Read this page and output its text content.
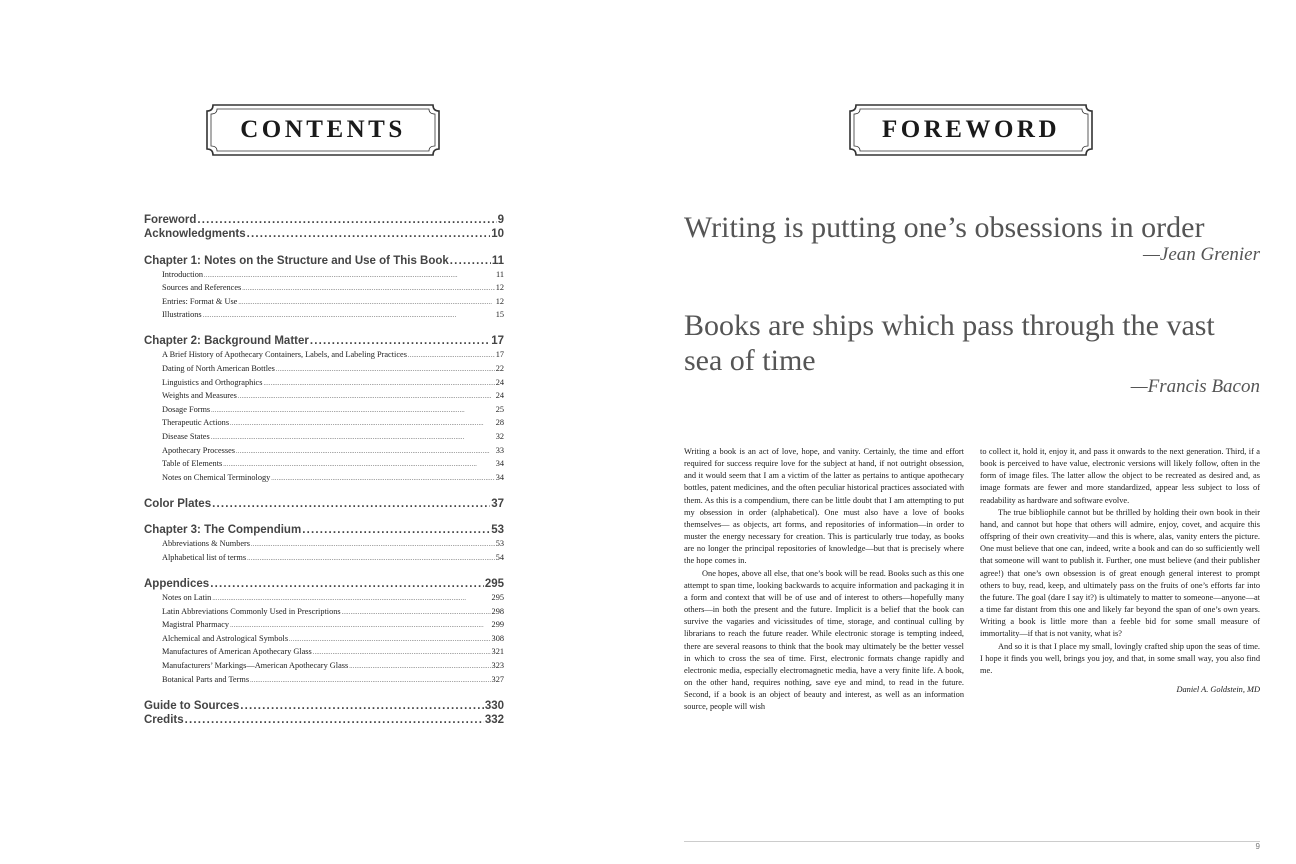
CONTENTS
Foreword . . .	9
Acknowledgments . . .	10
Chapter 1: Notes on the Structure and Use of This Book . . .	11
Introduction . . .	11
Sources and References . . .	12
Entries: Format & Use . . .	12
Illustrations . . .	15
Chapter 2: Background Matter . . .	17
A Brief History of Apothecary Containers, Labels, and Labeling Practices . . .	17
Dating of North American Bottles . . .	22
Linguistics and Orthographics . . .	24
Weights and Measures . . .	24
Dosage Forms . . .	25
Therapeutic Actions . . .	28
Disease States . . .	32
Apothecary Processes . . .	33
Table of Elements . . .	34
Notes on Chemical Terminology . . .	34
Color Plates . . .	37
Chapter 3: The Compendium . . .	53
Abbreviations & Numbers . . .	53
Alphabetical list of terms . . .	54
Appendices . . .	295
Notes on Latin . . .	295
Latin Abbreviations Commonly Used in Prescriptions . . .	298
Magistral Pharmacy . . .	299
Alchemical and Astrological Symbols . . .	308
Manufactures of American Apothecary Glass . . .	321
Manufacturers’ Markings—American Apothecary Glass . . .	323
Botanical Parts and Terms . . .	327
Guide to Sources . . .	330
Credits . . .	332
FOREWORD
Writing is putting one’s obsessions in order
—Jean Grenier
Books are ships which pass through the vast sea of time
—Francis Bacon

Writing a book is an act of love, hope, and vanity. Certainly, the time and effort required for success require love for the subject at hand, if not outright obsession, and it would seem that I am a victim of the latter as pertains to antique apothecary bottles, patent medicines, and the often peculiar historical practices associated with them. As this is a compendium, there can be little doubt that I am attempting to put my obsession in order (alphabetical). One must also have a love of books themselves— as objects, art forms, and repositories of information—in order to muster the energy necessary for creation. This is particularly true today, as books are no longer the principal repositories of knowledge—but that is precisely where the hope comes in.

One hopes, above all else, that one’s book will be read. Books such as this one attempt to span time, looking backwards to acquire information and packaging it in a form and context that will be of use and of interest to others—hopefully many others—in both the present and the future. Implicit is a belief that the book can survive the vagaries and vicissitudes of time, storage, and continual culling by librarians to reach the future reader. While electronic storage is tempting indeed, there are several reasons to think that the book may ultimately be the better vessel in which to cross the sea of time. First, electronic formats change rapidly and electronic media, especially electromagnetic media, have a very finite life. A book, on the other hand, requires nothing, save eye and mind, to read in the future. Second, if a book is an object of beauty and interest, as well as an information source, people will wish

to collect it, hold it, enjoy it, and pass it onwards to the next generation. Third, if a book is perceived to have value, electronic versions will likely follow, often in the form of image files. The latter allow the object to be recreated as desired and, as image formats are fewer and more standardized, appear less subject to loss of readability as hardware and software evolve.

The true bibliophile cannot but be thrilled by holding their own book in their hand, and cannot but hope that others will admire, enjoy, covet, and acquire this offspring of their own creativity—and this is where, alas, vanity enters the picture. One must believe that one can, indeed, write a book and can do so sufficiently well that someone will want to publish it. Further, one must believe (and their publisher agree!) that one’s own obsession is of great enough general interest to prompt others to buy, read, keep, and ultimately pass on the fruits of one’s efforts far into the future. The goal (dare I say it?) is ultimately to matter to someone—anyone—at a time far distant from this one and likely far beyond the span of one’s own years. Writing a book is little more than a feeble bid for some small measure of immortality—if that is not vanity, what is?

And so it is that I place my small, lovingly crafted ship upon the seas of time. I hope it finds you well, brings you joy, and that, in some small way, you also find me.

Daniel A. Goldstein, MD

9
